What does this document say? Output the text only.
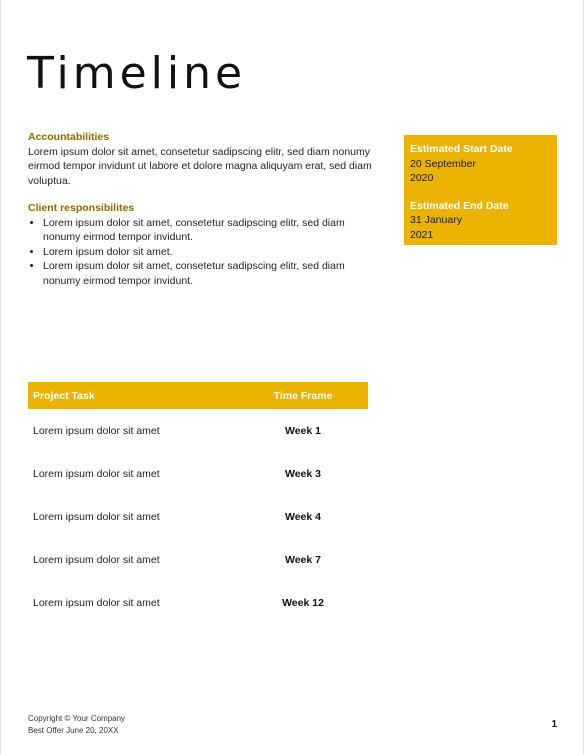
Timeline

Accountabilities

Lorem ipsum dolor sit amet, consetetur sadipscing elitr, sed diam nonumy eirmod tempor invidunt ut labore et dolore magna aliquyam erat, sed diam voluptua.

Client responsibilites

• Lorem ipsum dolor sit amet, consetetur sadipscing elitr, sed diam nonumy eirmod tempor invidunt.
• Lorem ipsum dolor sit amet.
• Lorem ipsum dolor sit amet, consetetur sadipscing elitr, sed diam nonumy eirmod tempor invidunt.
Estimated Start Date
20 September
2020
Estimated End Date
31 January
2021
Project Task	Time Frame
Lorem ipsum dolor sit amet	Week 1
Lorem ipsum dolor sit amet	Week 3
Lorem ipsum dolor sit amet	Week 4
Lorem ipsum dolor sit amet	Week 7
Lorem ipsum dolor sit amet	Week 12
Copyright © Your Company
Best Offer June 20, 20XX	1
